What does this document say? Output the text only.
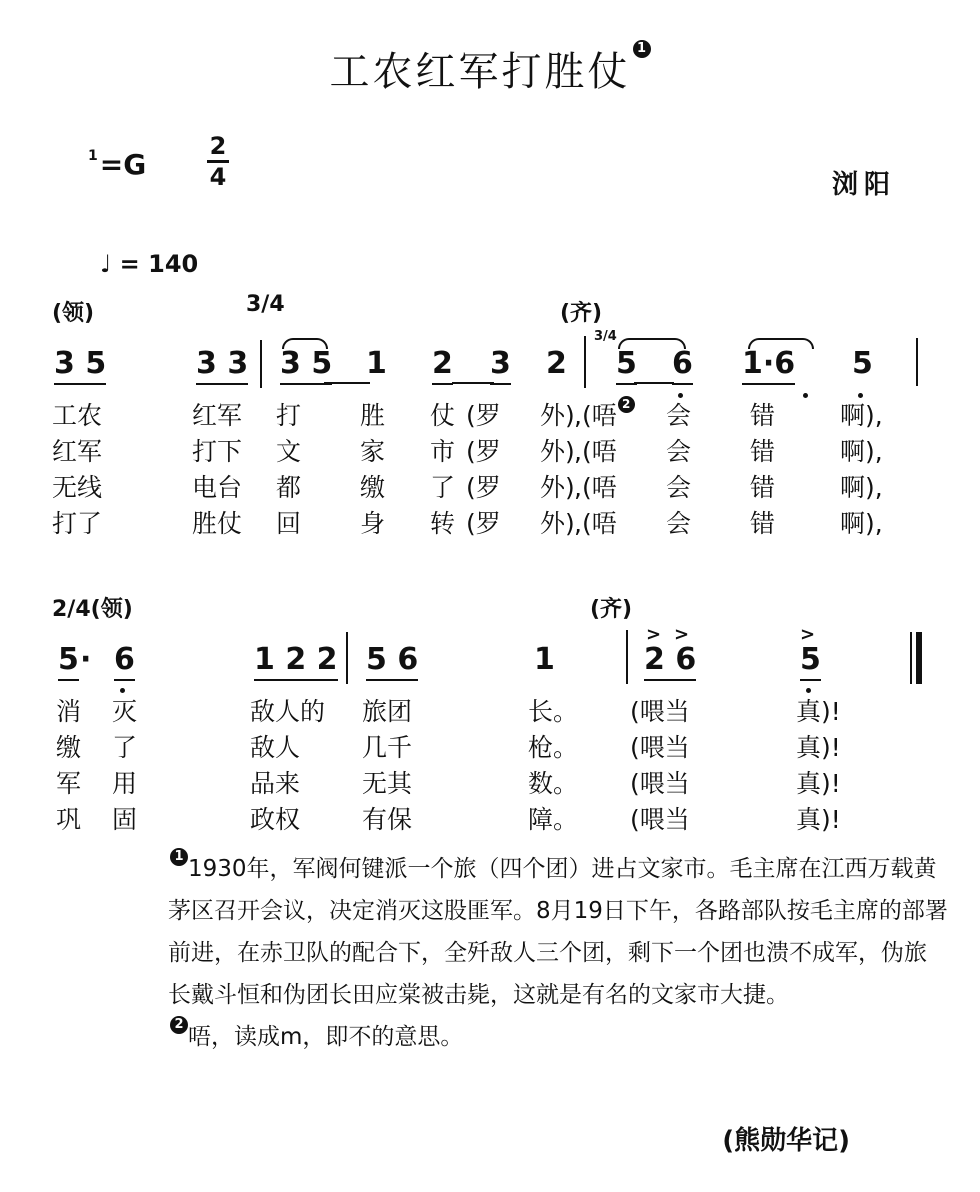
工农红军打胜仗1
$^1$=G
2
4	浏阳
♩ = 140
(领)	3/4	(齐)
3/4
3 5	3 3 3 5 1 2 3 2 5 6 1·6 5
工农	红军 打 胜 仗 (罗 外) ,(唔 2 会 错	啊),
红军	打下 文 家 市 (罗 外) ,(唔 会 错	啊),
无线	电台 都 缴 了 (罗 外) ,(唔 会 错	啊),
打了	胜仗 回 身 转 (罗 外) ,(唔 会 错	啊),
2/4(领)	(齐)
5 · 6	1 2 2 5 6	1
> >
2 6
>
5
消 灭	敌人的 旅团	长。 (喂当	真)!
缴 了	敌人 几千	枪。 (喂当	真)!
军 用	品来 无其	数。 (喂当	真)!
巩 固	政权 有保	障。 (喂当	真)!

1 1930年，军阀何键派一个旅（四个团）进占文家市。毛主席在江西万载黄茅区召开会议，决定消灭这股匪军。8月19日下午，各路部队按毛主席的部署前进，在赤卫队的配合下，全歼敌人三个团，剩下一个团也溃不成军，伪旅长戴斗恒和伪团长田应棠被击毙，这就是有名的文家市大捷。

2 唔，读成m，即不的意思。

(熊勋华记)
